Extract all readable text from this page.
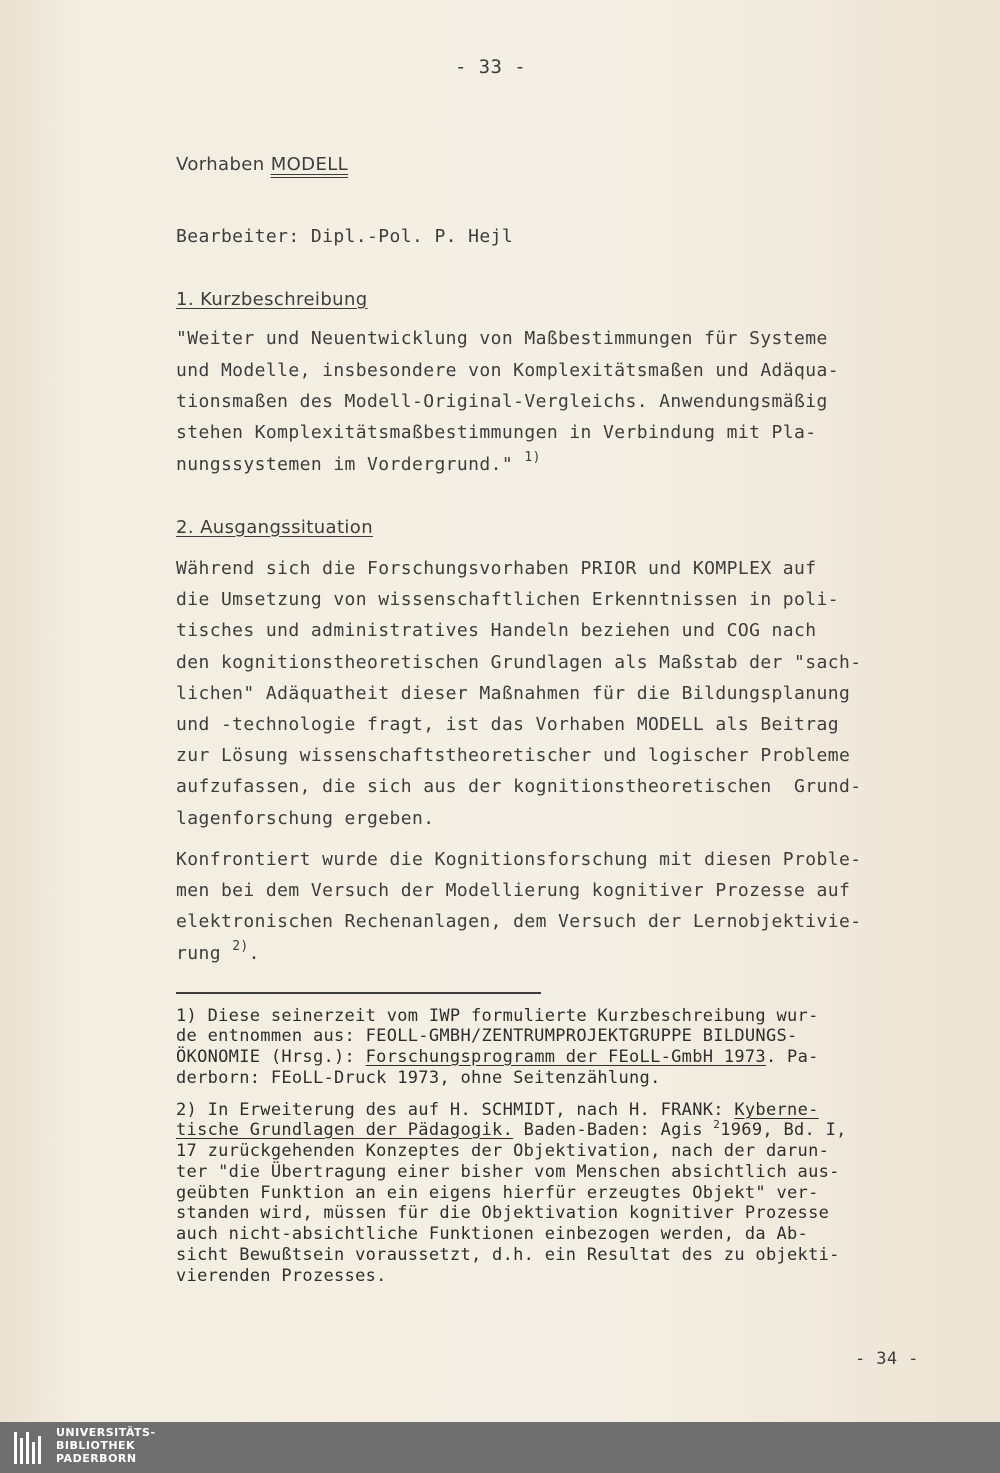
- 33 -
Vorhaben MODELL
Bearbeiter: Dipl.-Pol. P. Hejl
1. Kurzbeschreibung
"Weiter und Neuentwicklung von Maßbestimmungen für Systeme
und Modelle, insbesondere von Komplexitätsmaßen und Adäqua-
tionsmaßen des Modell-Original-Vergleichs. Anwendungsmäßig
stehen Komplexitätsmaßbestimmungen in Verbindung mit Pla-
nungssystemen im Vordergrund." $^{1)}$
2. Ausgangssituation
Während sich die Forschungsvorhaben PRIOR und KOMPLEX auf
die Umsetzung von wissenschaftlichen Erkenntnissen in poli-
tisches und administratives Handeln beziehen und COG nach
den kognitionstheoretischen Grundlagen als Maßstab der "sach-
lichen" Adäquatheit dieser Maßnahmen für die Bildungsplanung
und -technologie fragt, ist das Vorhaben MODELL als Beitrag
zur Lösung wissenschaftstheoretischer und logischer Probleme
aufzufassen, die sich aus der kognitionstheoretischen  Grund-
lagenforschung ergeben.
Konfrontiert wurde die Kognitionsforschung mit diesen Proble-
men bei dem Versuch der Modellierung kognitiver Prozesse auf
elektronischen Rechenanlagen, dem Versuch der Lernobjektivie-
rung $^{2)}$.
1) Diese seinerzeit vom IWP formulierte Kurzbeschreibung wur-
de entnommen aus: FEOLL-GMBH/ZENTRUMPROJEKTGRUPPE BILDUNGS-
ÖKONOMIE (Hrsg.): Forschungsprogramm der FEoLL-GmbH 1973. Pa-
derborn: FEoLL-Druck 1973, ohne Seitenzählung.
2) In Erweiterung des auf H. SCHMIDT, nach H. FRANK: Kyberne-
tische Grundlagen der Pädagogik. Baden-Baden: Agis $^2$1969, Bd. I,
17 zurückgehenden Konzeptes der Objektivation, nach der darun-
ter "die Übertragung einer bisher vom Menschen absichtlich aus-
geübten Funktion an ein eigens hierfür erzeugtes Objekt" ver-
standen wird, müssen für die Objektivation kognitiver Prozesse
auch nicht-absichtliche Funktionen einbezogen werden, da Ab-
sicht Bewußtsein voraussetzt, d.h. ein Resultat des zu objekti-
vierenden Prozesses.
- 34 -
UNIVERSITÄTS-
BIBLIOTHEK
PADERBORN
